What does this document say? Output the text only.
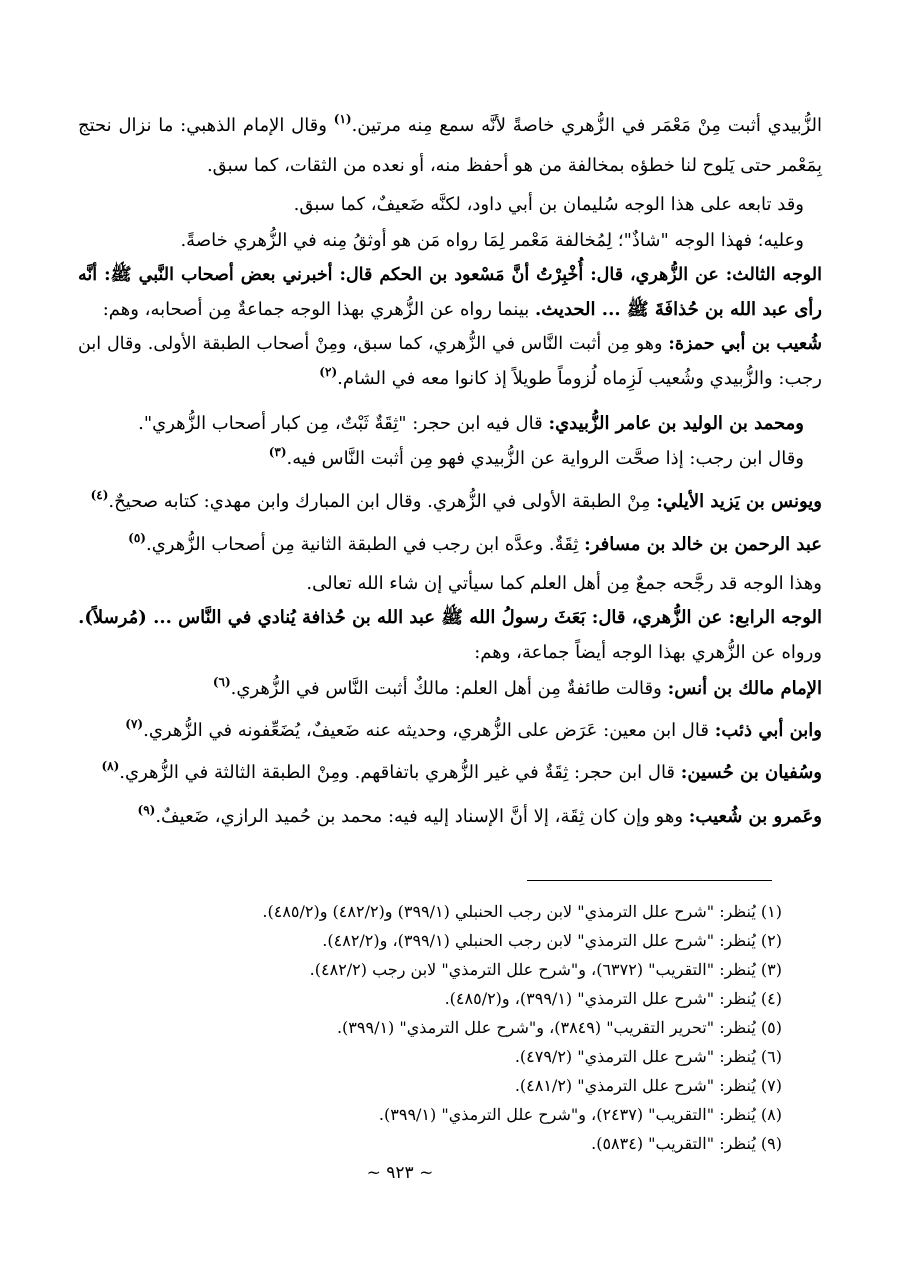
الزُّبيدي أثبت مِنْ مَعْمَر في الزُّهري خاصةً لأنَّه سمع مِنه مرتين.$^{(١)}$ وقال الإمام الذهبي: ما نزال نحتج
بِمَعْمر حتى يَلوح لنا خطؤه بمخالفة من هو أحفظ منه، أو نعده من الثقات، كما سبق.
وقد تابعه على هذا الوجه سُليمان بن أبي داود، لكنَّه ضَعيفٌ، كما سبق.
وعليه؛ فهذا الوجه "شاذٌ"؛ لِمُخالفة مَعْمر لِمَا رواه مَن هو أوثقُ مِنه في الزُّهري خاصةً.
الوجه الثالث: عن الزُّهري، قال: أُخْبِرْتُ أنَّ مَسْعود بن الحكم قال: أخبرني بعض أصحاب النَّبي ﷺ: أنَّه
رأى عبد الله بن حُذافَةَ ﷺ ... الحديث. بينما رواه عن الزُّهري بهذا الوجه جماعةٌ مِن أصحابه، وهم:
شُعيب بن أبي حمزة: وهو مِن أثبت النَّاس في الزُّهري، كما سبق، ومِنْ أصحاب الطبقة الأولى. وقال ابن
رجب: والزُّبيدي وشُعيب لَزِماه لُزوماً طويلاً إذ كانوا معه في الشام.$^{(٢)}$
ومحمد بن الوليد بن عامر الزُّبيدي: قال فيه ابن حجر: "ثِقَةٌ ثَبْتٌ، مِن كبار أصحاب الزُّهري".
وقال ابن رجب: إذا صحَّت الرواية عن الزُّبيدي فهو مِن أثبت النَّاس فيه.$^{(٣)}$
ويونس بن يَزيد الأيلي: مِنْ الطبقة الأولى في الزُّهري. وقال ابن المبارك وابن مهدي: كتابه صحيحٌ.$^{(٤)}$
عبد الرحمن بن خالد بن مسافر: ثِقَةٌ. وعدَّه ابن رجب في الطبقة الثانية مِن أصحاب الزُّهري.$^{(٥)}$
وهذا الوجه قد رجَّحه جمعٌ مِن أهل العلم كما سيأتي إن شاء الله تعالى.
الوجه الرابع: عن الزُّهري، قال: بَعَثَ رسولُ الله ﷺ عبد الله بن حُذافة يُنادي في النَّاس ... (مُرسلاً).
ورواه عن الزُّهري بهذا الوجه أيضاً جماعة، وهم:
الإمام مالك بن أنس: وقالت طائفةٌ مِن أهل العلم: مالكٌ أثبت النَّاس في الزُّهري.$^{(٦)}$
وابن أبي ذئب: قال ابن معين: عَرَض على الزُّهري، وحديثه عنه ضَعيفٌ، يُضَعِّفونه في الزُّهري.$^{(٧)}$
وسُفيان بن حُسين: قال ابن حجر: ثِقَةٌ في غير الزُّهري باتفاقهم. ومِنْ الطبقة الثالثة في الزُّهري.$^{(٨)}$
وعَمرو بن شُعيب: وهو وإن كان ثِقَة، إلا أنَّ الإسناد إليه فيه: محمد بن حُميد الرازي، ضَعيفٌ.$^{(٩)}$
(١) يُنظر: "شرح علل الترمذي" لابن رجب الحنبلي (٣٩٩/١) و(٤٨٢/٢) و(٤٨٥/٢).
(٢) يُنظر: "شرح علل الترمذي" لابن رجب الحنبلي (٣٩٩/١)، و(٤٨٢/٢).
(٣) يُنظر: "التقريب" (٦٣٧٢)، و"شرح علل الترمذي" لابن رجب (٤٨٢/٢).
(٤) يُنظر: "شرح علل الترمذي" (٣٩٩/١)، و(٤٨٥/٢).
(٥) يُنظر: "تحرير التقريب" (٣٨٤٩)، و"شرح علل الترمذي" (٣٩٩/١).
(٦) يُنظر: "شرح علل الترمذي" (٤٧٩/٢).
(٧) يُنظر: "شرح علل الترمذي" (٤٨١/٢).
(٨) يُنظر: "التقريب" (٢٤٣٧)، و"شرح علل الترمذي" (٣٩٩/١).
(٩) يُنظر: "التقريب" (٥٨٣٤).
~ ٩٢٣ ~
